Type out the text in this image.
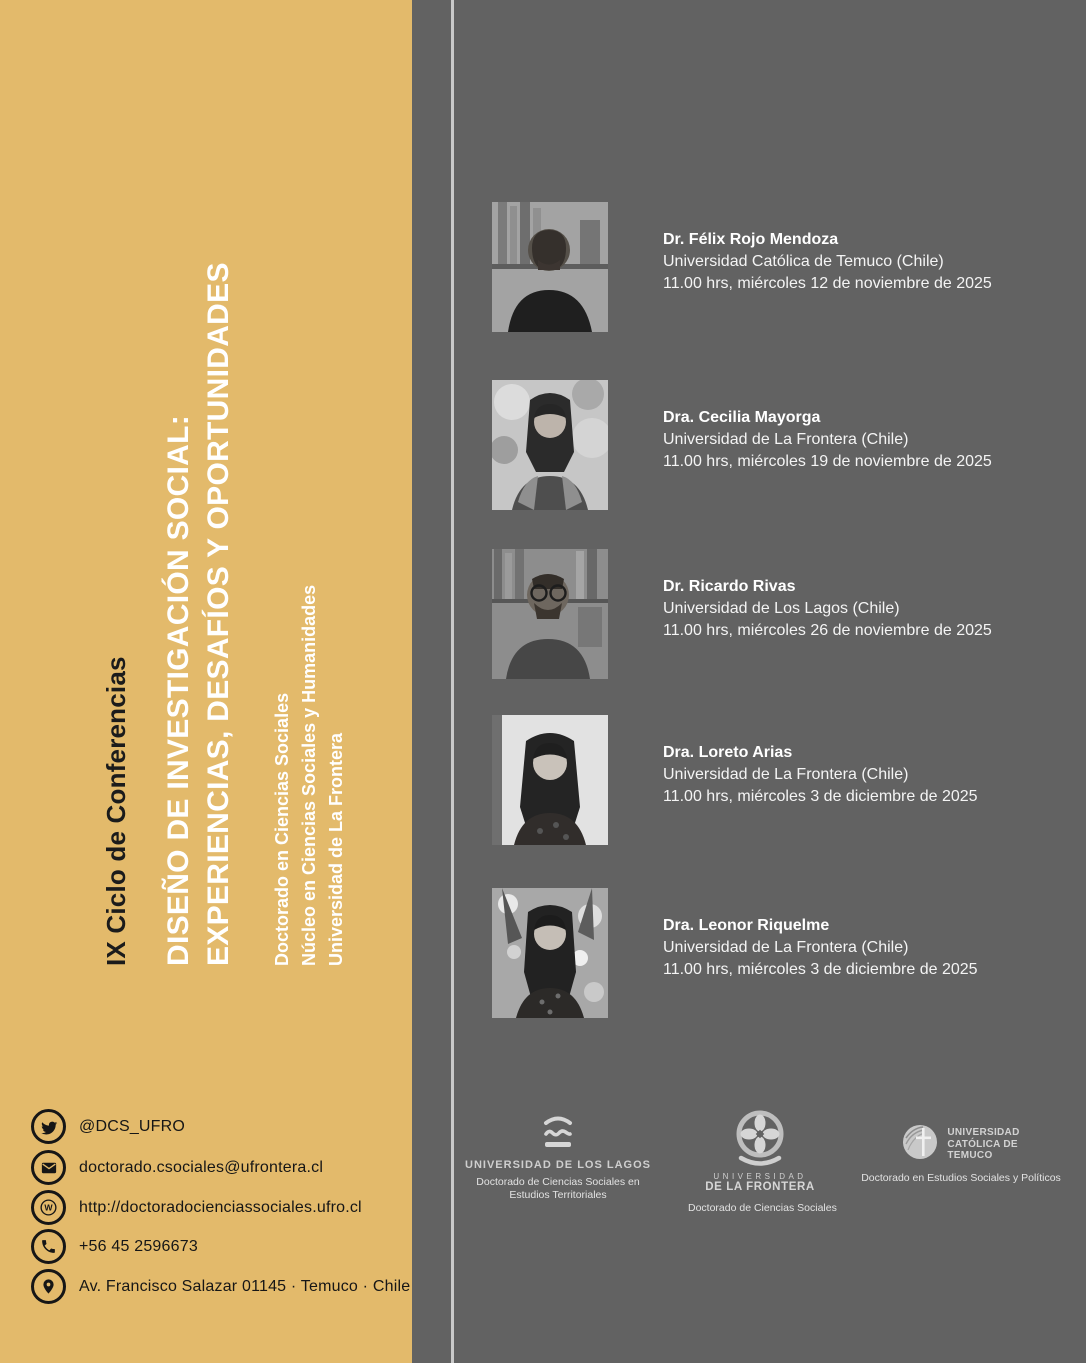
IX Ciclo de Conferencias DISEÑO DE INVESTIGACIÓN SOCIAL: EXPERIENCIAS, DESAFÍOS Y OPORTUNIDADES Doctorado en Ciencias Sociales Núcleo en Ciencias Sociales y Humanidades Universidad de La Frontera
@DCS_UFRO
doctorado.csociales@ufrontera.cl
W http://doctoradocienciassociales.ufro.cl
+56 45 2596673
Av. Francisco Salazar 01145 · Temuco · Chile
Dr. Félix Rojo Mendoza
Universidad Católica de Temuco (Chile)
11.00 hrs, miércoles 12 de noviembre de 2025
Dra. Cecilia Mayorga
Universidad de La Frontera (Chile)
11.00 hrs, miércoles 19 de noviembre de 2025
Dr. Ricardo Rivas
Universidad de Los Lagos (Chile)
11.00 hrs, miércoles 26 de noviembre de 2025
Dra. Loreto Arias
Universidad de La Frontera (Chile)
11.00 hrs, miércoles 3 de diciembre de 2025
Dra. Leonor Riquelme
Universidad de La Frontera (Chile)
11.00 hrs, miércoles 3 de diciembre de 2025
UNIVERSIDAD DE LOS LAGOS
Doctorado de Ciencias Sociales en Estudios Territoriales
UNIVERSIDAD
DE LA FRONTERA
Doctorado de Ciencias Sociales
UNIVERSIDAD
CATÓLICA DE
TEMUCO
Doctorado en Estudios Sociales y Políticos
